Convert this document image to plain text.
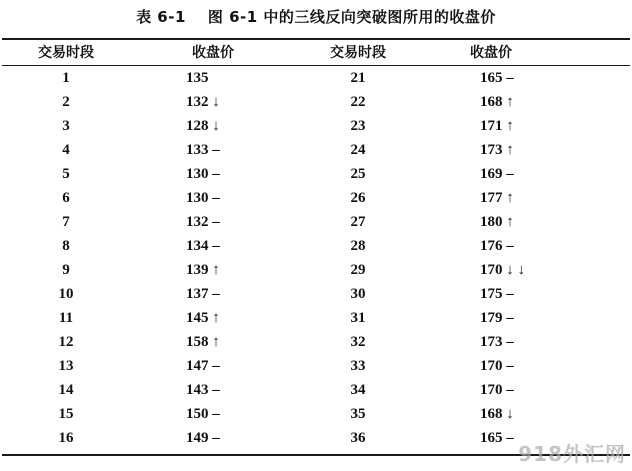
表 6-1 图 6-1 中的三线反向突破图所用的收盘价
交易时段	收盘价	交易时段	收盘价
1	135	21	165 –
2	132 ↓	22	168 ↑
3	128 ↓	23	171 ↑
4	133 –	24	173 ↑
5	130 –	25	169 –
6	130 –	26	177 ↑
7	132 –	27	180 ↑
8	134 –	28	176 –
9	139 ↑	29	170 ↓ ↓
10	137 –	30	175 –
11	145 ↑	31	179 –
12	158 ↑	32	173 –
13	147 –	33	170 –
14	143 –	34	170 –
15	150 –	35	168 ↓
16	149 –	36	165 –
918外汇网
